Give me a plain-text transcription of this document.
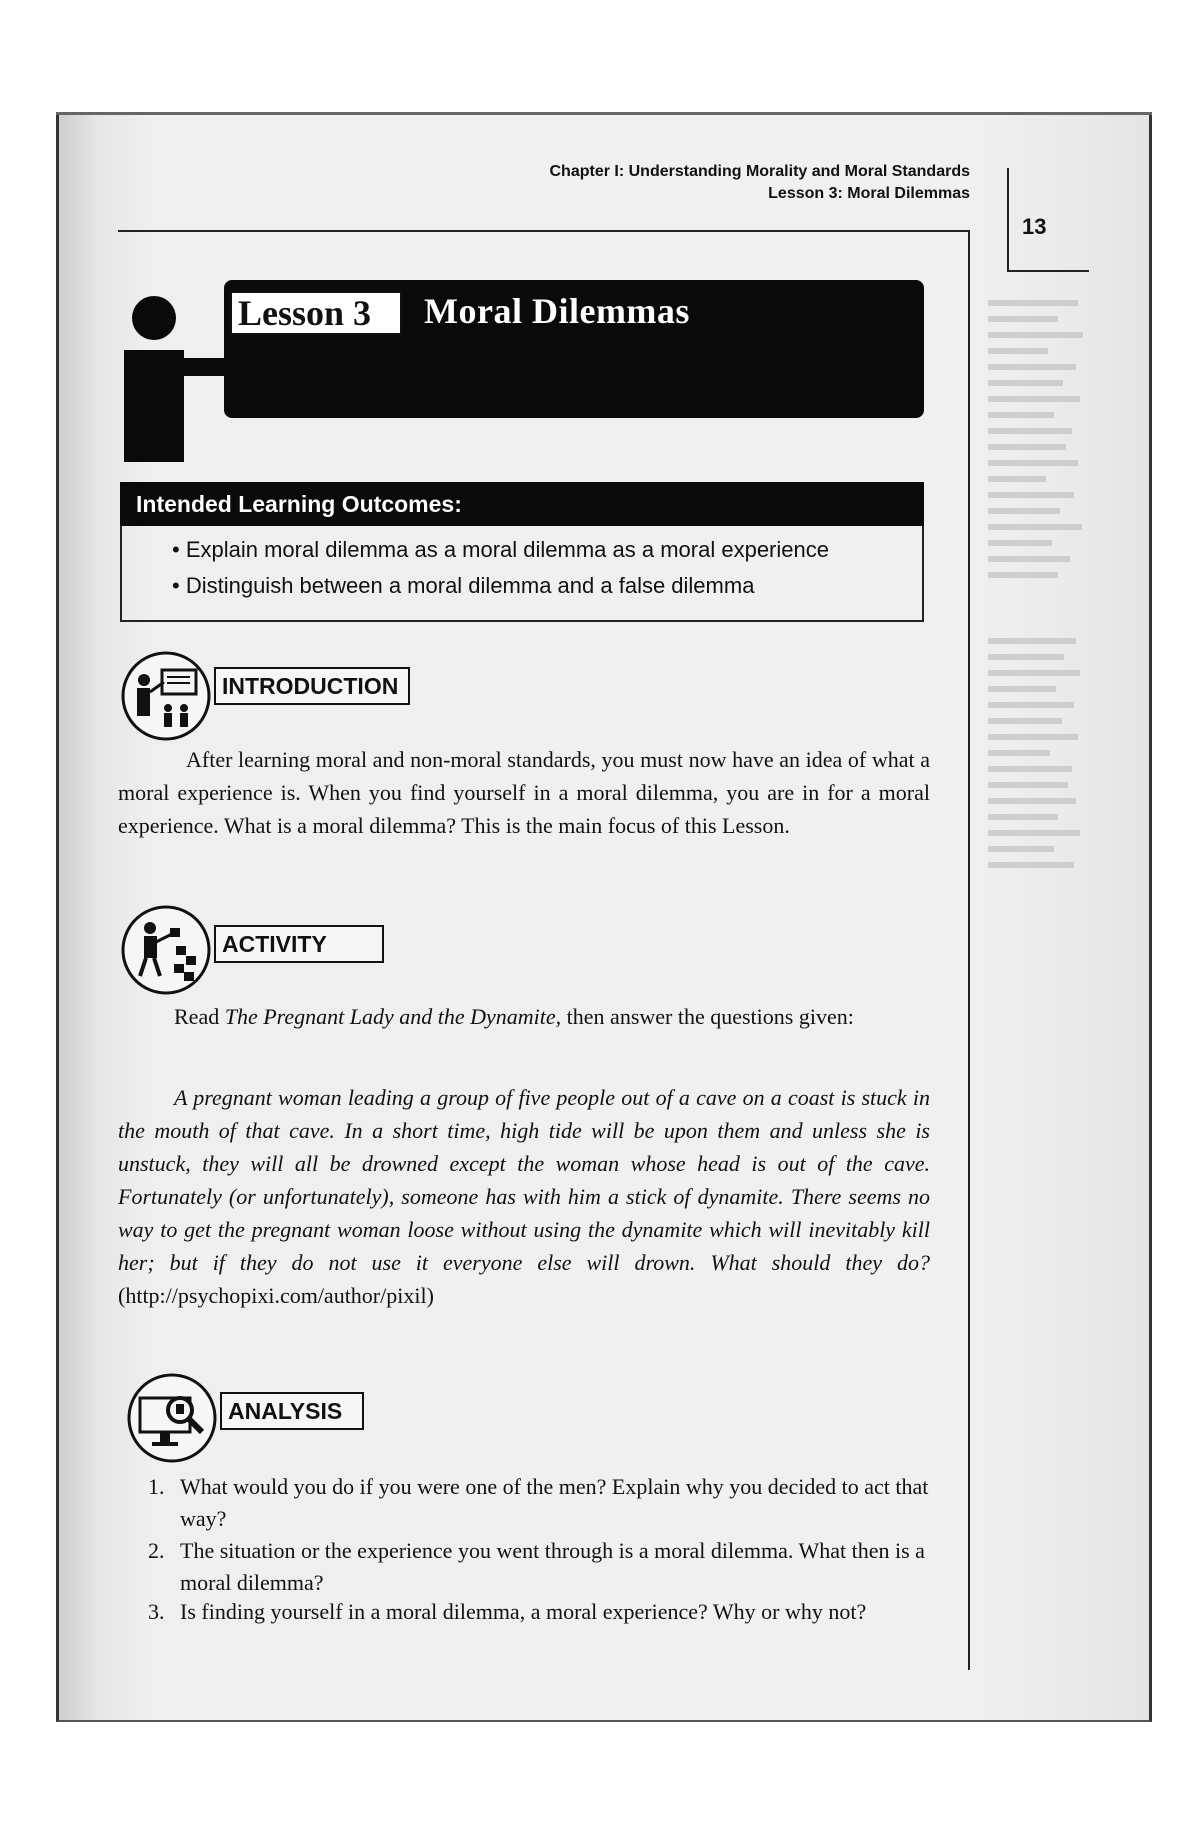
Chapter I: Understanding Morality and Moral Standards
Lesson 3: Moral Dilemmas
13
Lesson 3	Moral Dilemmas
Intended Learning Outcomes:
• Explain moral dilemma as a moral dilemma as a moral experience
• Distinguish between a moral dilemma and a false dilemma
INTRODUCTION
After learning moral and non-moral standards, you must now have an idea of what a moral experience is. When you find yourself in a moral dilemma, you are in for a moral experience. What is a moral dilemma? This is the main focus of this Lesson.
ACTIVITY
Read The Pregnant Lady and the Dynamite, then answer the questions given:
A pregnant woman leading a group of five people out of a cave on a coast is stuck in the mouth of that cave. In a short time, high tide will be upon them and unless she is unstuck, they will all be drowned except the woman whose head is out of the cave. Fortunately (or unfortunately), someone has with him a stick of dynamite. There seems no way to get the pregnant woman loose without using the dynamite which will inevitably kill her; but if they do not use it everyone else will drown. What should they do? (http://psychopixi.com/author/pixil)
ANALYSIS
1. What would you do if you were one of the men? Explain why you decided to act that way?
2. The situation or the experience you went through is a moral dilemma. What then is a moral dilemma?
3. Is finding yourself in a moral dilemma, a moral experience? Why or why not?
